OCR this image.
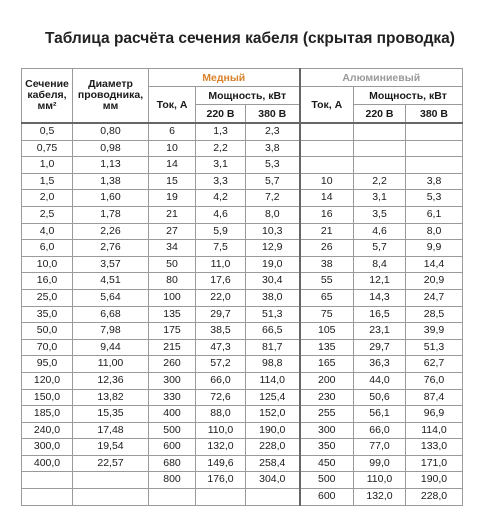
Таблица расчёта сечения кабеля (скрытая проводка)
Сечение
кабеля,
мм²	Диаметр
проводника,
мм	Медный			Алюминиевый		
		Ток, А	Мощность, кВт		Ток, А	Мощность, кВт	
			220 В	380 В		220 В	380 В
0,5	0,80	6	1,3	2,3			
0,75	0,98	10	2,2	3,8			
1,0	1,13	14	3,1	5,3			
1,5	1,38	15	3,3	5,7	10	2,2	3,8
2,0	1,60	19	4,2	7,2	14	3,1	5,3
2,5	1,78	21	4,6	8,0	16	3,5	6,1
4,0	2,26	27	5,9	10,3	21	4,6	8,0
6,0	2,76	34	7,5	12,9	26	5,7	9,9
10,0	3,57	50	11,0	19,0	38	8,4	14,4
16,0	4,51	80	17,6	30,4	55	12,1	20,9
25,0	5,64	100	22,0	38,0	65	14,3	24,7
35,0	6,68	135	29,7	51,3	75	16,5	28,5
50,0	7,98	175	38,5	66,5	105	23,1	39,9
70,0	9,44	215	47,3	81,7	135	29,7	51,3
95,0	11,00	260	57,2	98,8	165	36,3	62,7
120,0	12,36	300	66,0	114,0	200	44,0	76,0
150,0	13,82	330	72,6	125,4	230	50,6	87,4
185,0	15,35	400	88,0	152,0	255	56,1	96,9
240,0	17,48	500	110,0	190,0	300	66,0	114,0
300,0	19,54	600	132,0	228,0	350	77,0	133,0
400,0	22,57	680	149,6	258,4	450	99,0	171,0
		800	176,0	304,0	500	110,0	190,0
					600	132,0	228,0
